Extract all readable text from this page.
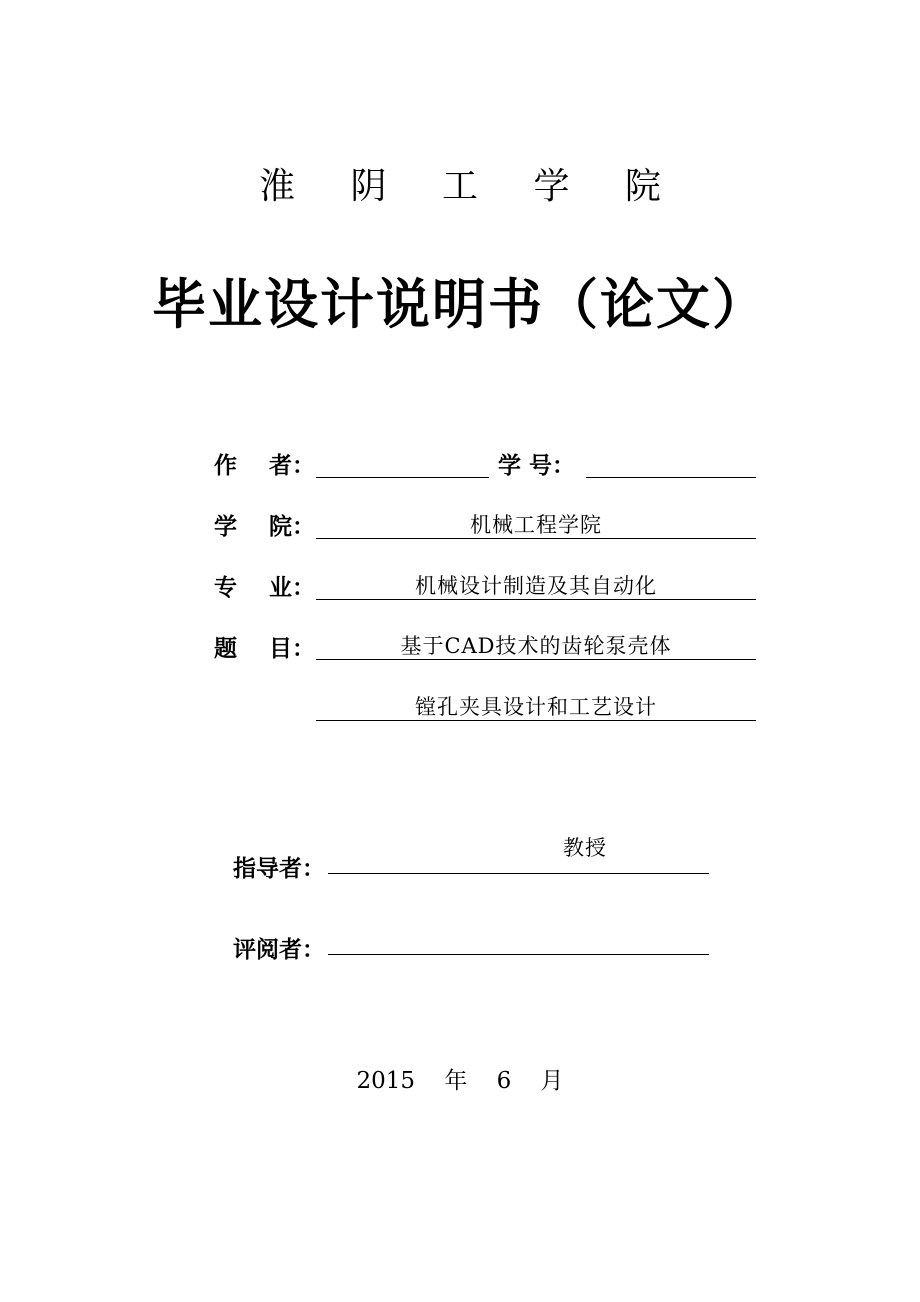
淮 阴 工 学 院
毕业设计说明书（论文）
作    者：	学 号：
学    院：	机械工程学院
专    业：	机械设计制造及其自动化
题    目：	基于CAD技术的齿轮泵壳体
镗孔夹具设计和工艺设计
指导者：
教授
评阅者：
2015 年 6 月
